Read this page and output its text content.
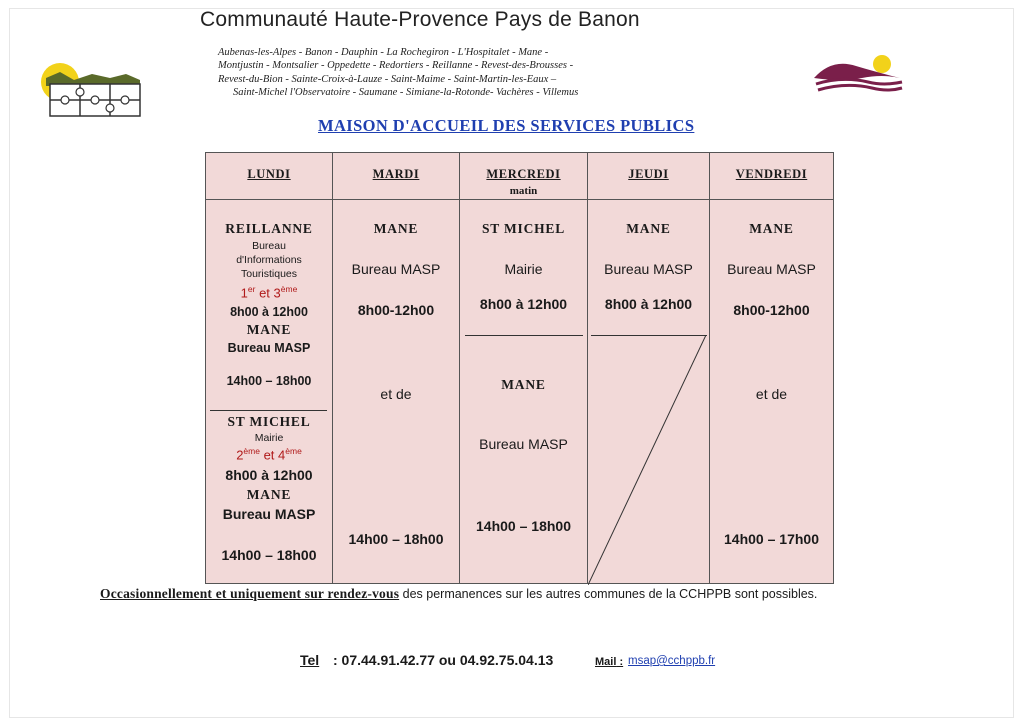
Communauté Haute-Provence Pays de Banon
Aubenas-les-Alpes - Banon - Dauphin - La Rochegiron - L'Hospitalet - Mane -
Montjustin - Montsalier - Oppedette - Redortiers - Reillanne - Revest-des-Brousses -
Revest-du-Bion - Sainte-Croix-à-Lauze - Saint-Maime - Saint-Martin-les-Eaux –
Saint-Michel l'Observatoire - Saumane - Simiane-la-Rotonde- Vachères - Villemus
MAISON D'ACCUEIL DES SERVICES PUBLICS
LUNDI
REILLANNE
Bureau
d'Informations
Touristiques
1er et 3ème
8h00 à 12h00
MANE
Bureau MASP
14h00 – 18h00
ST MICHEL
Mairie
2ème et 4ème
8h00 à 12h00
MANE
Bureau MASP
14h00 – 18h00
MARDI
MANE
Bureau MASP
8h00-12h00
et de
14h00 – 18h00
MERCREDI
matin
ST MICHEL
Mairie
8h00 à 12h00
MANE
Bureau MASP
14h00 – 18h00
JEUDI
MANE
Bureau MASP
8h00 à 12h00
VENDREDI
MANE
Bureau MASP
8h00-12h00
et de
14h00 – 17h00
Occasionnellement et uniquement sur rendez-vous des permanences sur les autres communes de la CCHPPB sont possibles.
Tel : 07.44.91.42.77 ou 04.92.75.04.13	Mail : msap@cchppb.fr
